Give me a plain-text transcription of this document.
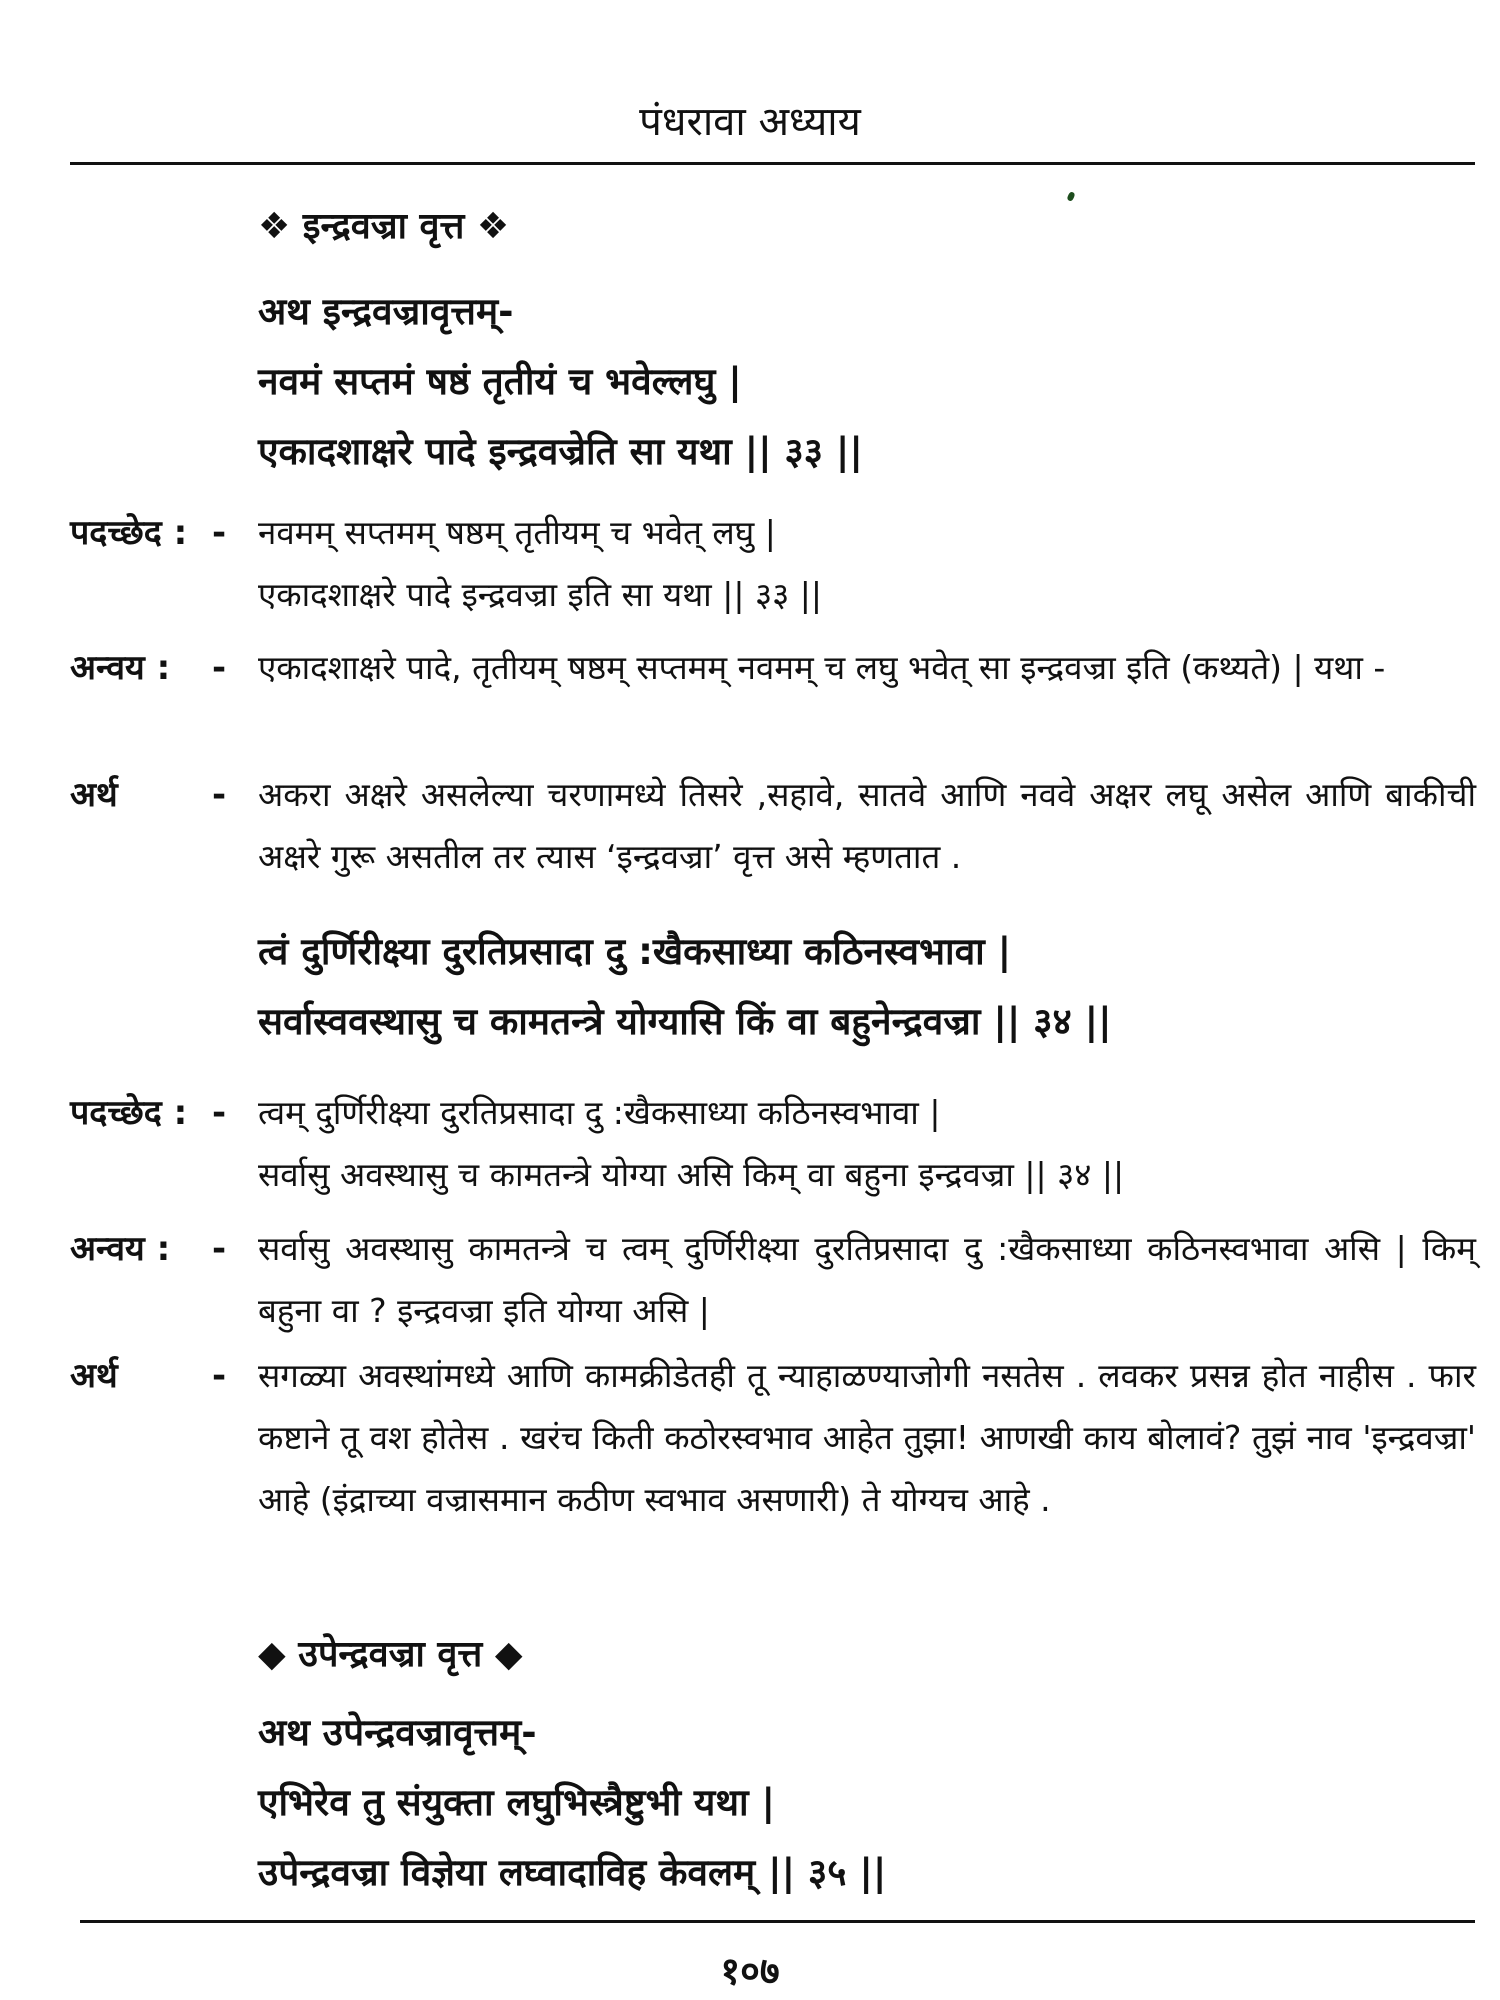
पंधरावा अध्याय
❖ इन्द्रवज्रा वृत्त ❖
अथ इन्द्रवज्रावृत्तम्-
नवमं सप्तमं षष्ठं तृतीयं च भवेल्लघु |
एकादशाक्षरे पादे इन्द्रवज्रेति सा यथा || ३३ ||
पदच्छेद : - नवमम् सप्तमम् षष्ठम् तृतीयम् च भवेत् लघु |
एकादशाक्षरे पादे इन्द्रवज्रा इति सा यथा || ३३ ||
अन्वय : - एकादशाक्षरे पादे, तृतीयम् षष्ठम् सप्तमम् नवमम् च लघु भवेत् सा इन्द्रवज्रा इति (कथ्यते) | यथा -
अर्थ	- अकरा अक्षरे असलेल्या चरणामध्ये तिसरे ,सहावे, सातवे आणि नववे अक्षर लघू असेल आणि बाकीची अक्षरे गुरू असतील तर त्यास ‘इन्द्रवज्रा’ वृत्त असे म्हणतात .
त्वं दुर्णिरीक्ष्या दुरतिप्रसादा दु :खैकसाध्या कठिनस्वभावा |
सर्वास्ववस्थासु च कामतन्त्रे योग्यासि किं वा बहुनेन्द्रवज्रा || ३४ ||
पदच्छेद : - त्वम् दुर्णिरीक्ष्या दुरतिप्रसादा दु :खैकसाध्या कठिनस्वभावा |
सर्वासु अवस्थासु च कामतन्त्रे योग्या असि किम् वा बहुना इन्द्रवज्रा || ३४ ||
अन्वय : - सर्वासु अवस्थासु कामतन्त्रे च त्वम् दुर्णिरीक्ष्या दुरतिप्रसादा दु :खैकसाध्या कठिनस्वभावा असि | किम् बहुना वा ? इन्द्रवज्रा इति योग्या असि |
अर्थ	- सगळ्या अवस्थांमध्ये आणि कामक्रीडेतही तू न्याहाळण्याजोगी नसतेस . लवकर प्रसन्न होत नाहीस . फार कष्टाने तू वश होतेस . खरंच किती कठोरस्वभाव आहेत तुझा! आणखी काय बोलावं? तुझं नाव 'इन्द्रवज्रा' आहे (इंद्राच्या वज्रासमान कठीण स्वभाव असणारी) ते योग्यच आहे .
◆ उपेन्द्रवज्रा वृत्त ◆
अथ उपेन्द्रवज्रावृत्तम्-
एभिरेव तु संयुक्ता लघुभिस्त्रैष्टुभी यथा |
उपेन्द्रवज्रा विज्ञेया लघ्वादाविह केवलम् || ३५ ||
१०७
